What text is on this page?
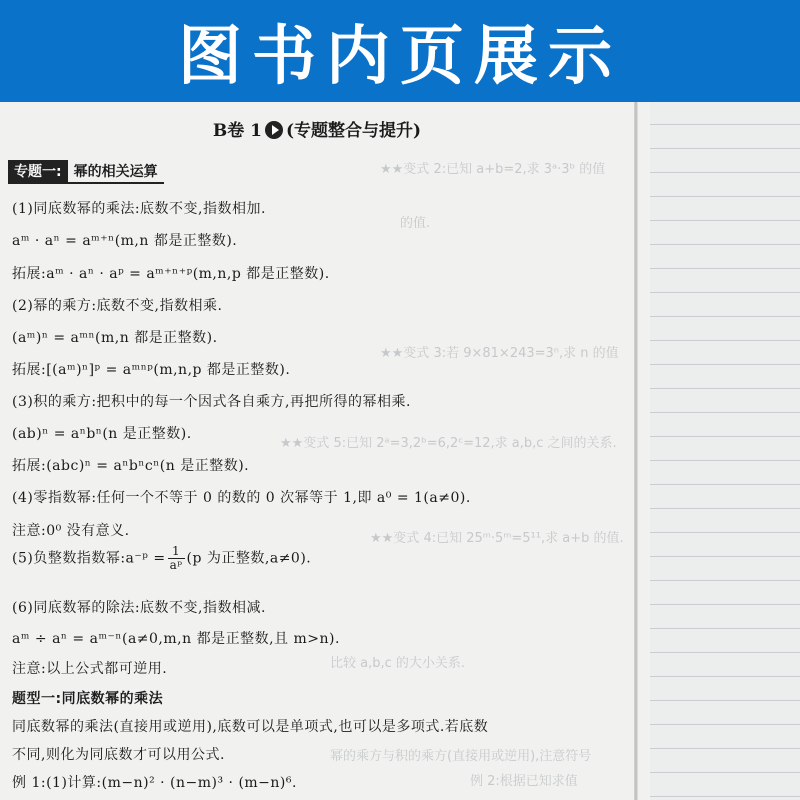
图书内页展示
★★变式 2:已知 a+b=2,求 3ᵃ·3ᵇ 的值
的值.
★★变式 3:若 9×81×243=3ⁿ,求 n 的值
★★变式 5:已知 2ᵃ=3,2ᵇ=6,2ᶜ=12,求 a,b,c 之间的关系.
★★变式 4:已知 25ᵐ·5ᵐ=5¹¹,求 a+b 的值.
比较 a,b,c 的大小关系.
幂的乘方与积的乘方(直接用或逆用),注意符号
例 2:根据已知求值
B卷 1 (专题整合与提升)
专题一: 幂的相关运算
(1)同底数幂的乘法:底数不变,指数相加.
aᵐ · aⁿ = aᵐ⁺ⁿ(m,n 都是正整数).
拓展:aᵐ · aⁿ · aᵖ = aᵐ⁺ⁿ⁺ᵖ(m,n,p 都是正整数).
(2)幂的乘方:底数不变,指数相乘.
(aᵐ)ⁿ = aᵐⁿ(m,n 都是正整数).
拓展:[(aᵐ)ⁿ]ᵖ = aᵐⁿᵖ(m,n,p 都是正整数).
(3)积的乘方:把积中的每一个因式各自乘方,再把所得的幂相乘.
(ab)ⁿ = aⁿbⁿ(n 是正整数).
拓展:(abc)ⁿ = aⁿbⁿcⁿ(n 是正整数).
(4)零指数幂:任何一个不等于 0 的数的 0 次幂等于 1,即 a⁰ = 1(a≠0).
注意:0⁰ 没有意义.
(5)负整数指数幂:a⁻ᵖ = $\frac{1}{\text{aᵖ}} (p$ 为正整数,a≠0).
(6)同底数幂的除法:底数不变,指数相减.
aᵐ ÷ aⁿ = aᵐ⁻ⁿ(a≠0,m,n 都是正整数,且 m>n).
注意:以上公式都可逆用.
题型一:同底数幂的乘法
同底数幂的乘法(直接用或逆用),底数可以是单项式,也可以是多项式.若底数
不同,则化为同底数才可以用公式.
例 1:(1)计算:(m−n)² · (n−m)³ · (m−n)⁶.
